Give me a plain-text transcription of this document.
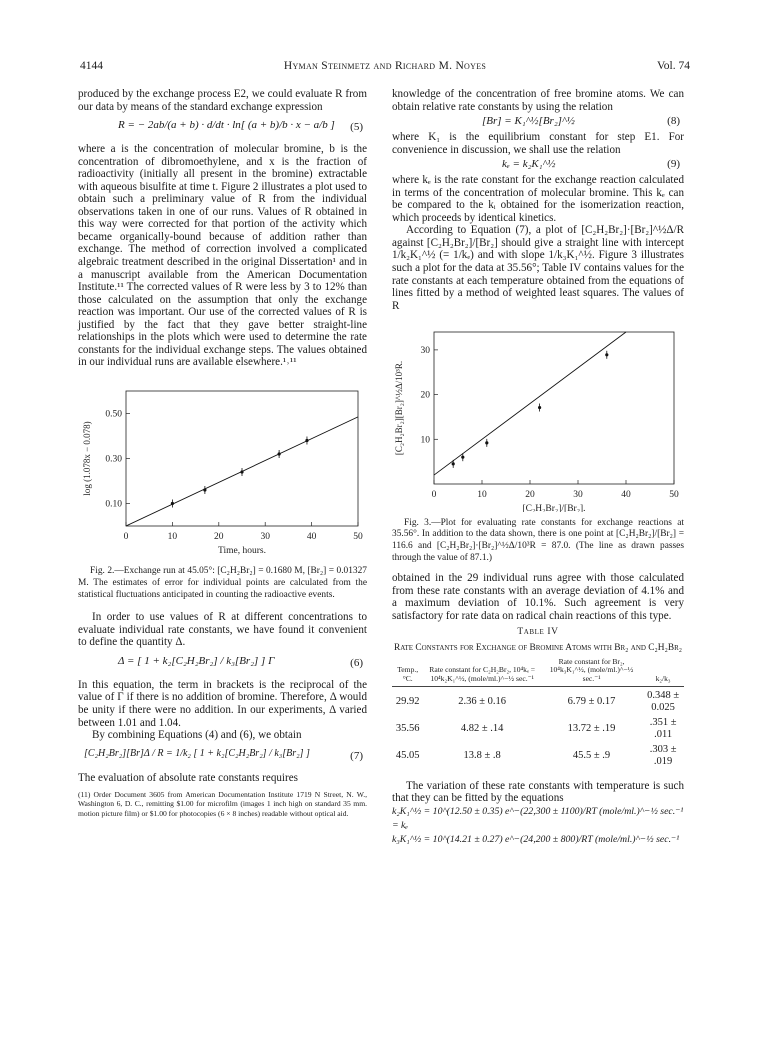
4144	Hyman Steinmetz and Richard M. Noyes	Vol. 74

produced by the exchange process E2, we could evaluate R from our data by means of the standard exchange expression

R = − 2ab/(a + b) · d/dt · ln[ (a + b)/b · x − a/b ] (5)

where a is the concentration of molecular bromine, b is the concentration of dibromoethylene, and x is the fraction of radioactivity (initially all present in the bromine) extractable with aqueous bisulfite at time t. Figure 2 illustrates a plot used to obtain such a preliminary value of R from the individual observations taken in one of our runs. Values of R obtained in this way were corrected for that portion of the activity which became organically-bound because of addition rather than exchange. The method of correction involved a complicated algebraic treatment described in the original Dissertation¹ and in a manuscript available from the American Documentation Institute.¹¹ The corrected values of R were less by 3 to 12% than those calculated on the assumption that only the exchange reaction was important. Our use of the corrected values of R is justified by the fact that they gave better straight-line relationships in the plots which were used to determine the rate constants for the individual exchange steps. The values obtained in our individual runs are available elsewhere.¹˒¹¹

0	10	20	30	40	50
0.50
0.30
0.10
Time, hours.
log (1.078x − 0.078)
Fig. 2.—Exchange run at 45.05°: [C₂H₂Br₂] = 0.1680 M, [Br₂] = 0.01327 M. The estimates of error for individual points are calculated from the statistical fluctuations anticipated in counting the radioactive events.

In order to use values of R at different concentrations to evaluate individual rate constants, we have found it convenient to define the quantity Δ.

Δ = [ 1 + k₂[C₂H₂Br₂] / k₃[Br₂] ] Γ	(6)

In this equation, the term in brackets is the reciprocal of the value of Γ if there is no addition of bromine. Therefore, Δ would be unity if there were no addition. In our experiments, Δ varied between 1.01 and 1.04.

By combining Equations (4) and (6), we obtain

[C₂H₂Br₂][Br]Δ / R = 1/k₂ [ 1 + k₂[C₂H₂Br₂] / k₃[Br₂] ]	(7)

The evaluation of absolute rate constants requires

(11) Order Document 3605 from American Documentation Institute 1719 N Street, N. W., Washington 6, D. C., remitting $1.00 for microfilm (images 1 inch high on standard 35 mm. motion picture film) or $1.00 for photocopies (6 × 8 inches) readable without optical aid.

knowledge of the concentration of free bromine atoms. We can obtain relative rate constants by using the relation

[Br] = K₁^½[Br₂]^½	(8)

where K₁ is the equilibrium constant for step E1. For convenience in discussion, we shall use the relation

kₑ = k₂K₁^½	(9)

where kₑ is the rate constant for the exchange reaction calculated in terms of the concentration of molecular bromine. This kₑ can be compared to the kᵢ obtained for the isomerization reaction, which proceeds by identical kinetics.

According to Equation (7), a plot of [C₂H₂Br₂]·[Br₂]^½Δ/R against [C₂H₂Br₂]/[Br₂] should give a straight line with intercept 1/k₂K₁^½ (= 1/kₑ) and with slope 1/k₃K₁^½. Figure 3 illustrates such a plot for the data at 35.56°; Table IV contains values for the rate constants at each temperature obtained from the equations of lines fitted by a method of weighted least squares. The values of R

0	10	20	30	40	50
30
20
10
[C₂H₂Br₂]/[Br₂].
[C₂H₂Br₂][Br₂]^½Δ/10³R.
Fig. 3.—Plot for evaluating rate constants for exchange reactions at 35.56°. In addition to the data shown, there is one point at [C₂H₂Br₂]/[Br₂] = 116.6 and [C₂H₂Br₂]·[Br₂]^½Δ/10³R = 87.0. (The line as drawn passes through the value of 87.1.)

obtained in the 29 individual runs agree with those calculated from these rate constants with an average deviation of 4.1% and a maximum deviation of 10.1%. Such agreement is very satisfactory for rate data on radical chain reactions of this type.

Table IV
Rate Constants for Exchange of Bromine Atoms with Br₂ and C₂H₂Br₂
Temp., °C.	Rate constant for C₂H₂Br₂, 10⁴kₑ = 10⁴k₂K₁^½, (mole/ml.)^−½ sec.⁻¹	Rate constant for Br₂, 10⁴k₃K₁^½, (mole/ml.)^−½ sec.⁻¹	k₂/k₃
29.92	2.36 ± 0.16	6.79 ± 0.17	0.348 ± 0.025
35.56	4.82 ± .14	13.72 ± .19	.351 ± .011
45.05	13.8 ± .8	45.5 ± .9	.303 ± .019

The variation of these rate constants with temperature is such that they can be fitted by the equations

k₂K₁^½ = 10^(12.50 ± 0.35) e^−(22,300 ± 1100)/RT (mole/ml.)^−½ sec.⁻¹ = kₑ
k₃K₁^½ = 10^(14.21 ± 0.27) e^−(24,200 ± 800)/RT (mole/ml.)^−½ sec.⁻¹
